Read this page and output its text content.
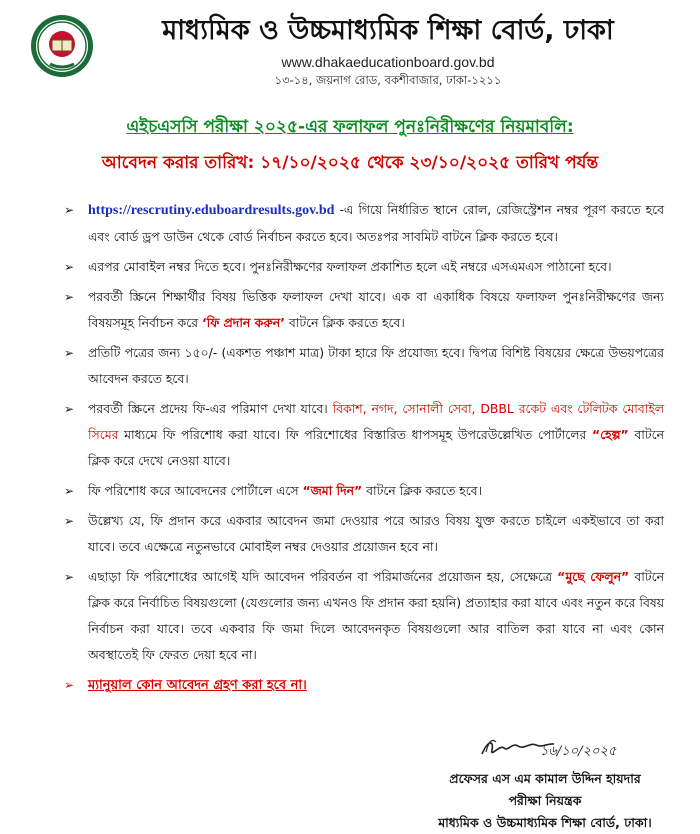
মাধ্যমিক ও উচ্চমাধ্যমিক শিক্ষা বোর্ড, ঢাকা
www.dhakaeducationboard.gov.bd
১৩-১৪, জয়নাগ রোড, বকশীবাজার, ঢাকা-১২১১
এইচএসসি পরীক্ষা ২০২৫-এর ফলাফল পুনঃনিরীক্ষণের নিয়মাবলি:
আবেদন করার তারিখ: ১৭/১০/২০২৫ থেকে ২৩/১০/২০২৫ তারিখ পর্যন্ত
➢ https://rescrutiny.eduboardresults.gov.bd -এ গিয়ে নির্ধারিত স্থানে রোল, রেজিস্ট্রেশন নম্বর পূরণ করতে হবে এবং বোর্ড ড্রপ ডাউন থেকে বোর্ড নির্বাচন করতে হবে। অতঃপর সাবমিট বাটনে ক্লিক করতে হবে।
➢ এরপর মোবাইল নম্বর দিতে হবে। পুনঃনিরীক্ষণের ফলাফল প্রকাশিত হলে এই নম্বরে এসএমএস পাঠানো হবে।
➢ পরবর্তী স্ক্রিনে শিক্ষার্থীর বিষয় ভিত্তিক ফলাফল দেখা যাবে। এক বা একাধিক বিষয়ে ফলাফল পুনঃনিরীক্ষণের জন্য বিষয়সমূহ নির্বাচন করে ‘ফি প্রদান করুন’ বাটনে ক্লিক করতে হবে।
➢ প্রতিটি পত্রের জন্য ১৫০/- (একশত পঞ্চাশ মাত্র) টাকা হারে ফি প্রযোজ্য হবে। দ্বিপত্র বিশিষ্ট বিষয়ের ক্ষেত্রে উভয়পত্রের আবেদন করতে হবে।
➢ পরবর্তী স্ক্রিনে প্রদেয় ফি-এর পরিমাণ দেখা যাবে। বিকাশ, নগদ, সোনালী সেবা, DBBL রকেট এবং টেলিটক মোবাইল সিমের মাধ্যমে ফি পরিশোধ করা যাবে। ফি পরিশোধের বিস্তারিত ধাপসমূহ উপরেউল্লেখিত পোর্টালের “হেল্প” বাটনে ক্লিক করে দেখে নেওয়া যাবে।
➢ ফি পরিশোধ করে আবেদনের পোর্টালে এসে “জমা দিন” বাটনে ক্লিক করতে হবে।
➢ উল্লেখ্য যে, ফি প্রদান করে একবার আবেদন জমা দেওয়ার পরে আরও বিষয় যুক্ত করতে চাইলে একইভাবে তা করা যাবে। তবে এক্ষেত্রে নতুনভাবে মোবাইল নম্বর দেওয়ার প্রয়োজন হবে না।
➢ এছাড়া ফি পরিশোধের আগেই যদি আবেদন পরিবর্তন বা পরিমার্জনের প্রয়োজন হয়, সেক্ষেত্রে “মুছে ফেলুন” বাটনে ক্লিক করে নির্বাচিত বিষয়গুলো (যেগুলোর জন্য এখনও ফি প্রদান করা হয়নি) প্রত্যাহার করা যাবে এবং নতুন করে বিষয় নির্বাচন করা যাবে। তবে একবার ফি জমা দিলে আবেদনকৃত বিষয়গুলো আর বাতিল করা যাবে না এবং কোন অবস্থাতেই ফি ফেরত দেয়া হবে না।
➢ ম্যানুয়াল কোন আবেদন গ্রহণ করা হবে না।
১৬/১০/২০২৫
প্রফেসর এস এম কামাল উদ্দিন হায়দার
পরীক্ষা নিয়ন্ত্রক
মাধ্যমিক ও উচ্চমাধ্যমিক শিক্ষা বোর্ড, ঢাকা।
